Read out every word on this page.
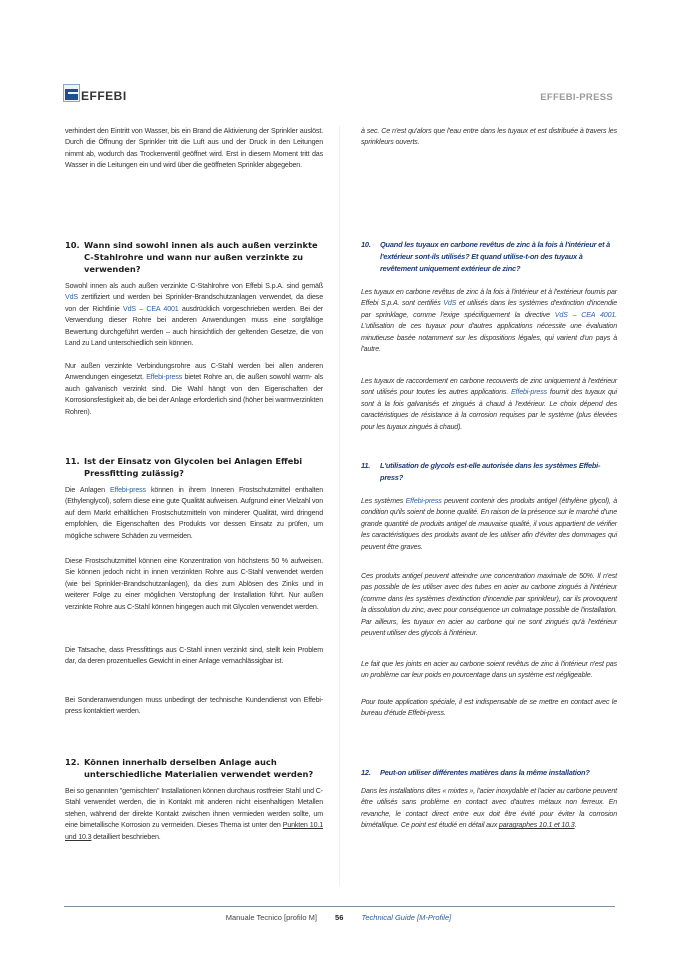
EFFEBI	EFFEBI-PRESS

verhindert den Eintritt von Wasser, bis ein Brand die Aktivierung der Sprinkler auslöst. Durch die Öffnung der Sprinkler tritt die Luft aus und der Druck in den Leitungen nimmt ab, wodurch das Trockenventil geöffnet wird. Erst in diesem Moment tritt das Wasser in die Leitungen ein und wird über die geöffneten Sprinkler abgegeben.

10. Wann sind sowohl innen als auch außen verzinkte C-Stahlrohre und wann nur außen verzinkte zu verwenden?

Sowohl innen als auch außen verzinkte C-Stahlrohre von Effebi S.p.A. sind gemäß VdS zertifiziert und werden bei Sprinkler-Brandschutzanlagen verwendet, da diese von der Richtlinie VdS – CEA 4001 ausdrücklich vorgeschrieben werden. Bei der Verwendung dieser Rohre bei anderen Anwendungen muss eine sorgfältige Bewertung durchgeführt werden – auch hinsichtlich der geltenden Gesetze, die von Land zu Land unterschiedlich sein können.

Nur außen verzinkte Verbindungsrohre aus C-Stahl werden bei allen anderen Anwendungen eingesetzt. Effebi-press bietet Rohre an, die außen sowohl warm- als auch galvanisch verzinkt sind. Die Wahl hängt von den Eigenschaften der Korrosionsfestigkeit ab, die bei der Anlage erforderlich sind (höher bei warmverzinkten Rohren).

11. Ist der Einsatz von Glycolen bei Anlagen Effebi Pressfitting zulässig?

Die Anlagen Effebi-press können in ihrem Inneren Frostschutzmittel enthalten (Ethylenglycol), sofern diese eine gute Qualität aufweisen. Aufgrund einer Vielzahl von auf dem Markt erhältlichen Frostschutzmitteln von minderer Qualität, wird dringend empfohlen, die Eigenschaften des Produkts vor dessen Einsatz zu prüfen, um mögliche schwere Schäden zu vermeiden.

Diese Frostschutzmittel können eine Konzentration von höchstens 50 % aufweisen. Sie können jedoch nicht in innen verzinkten Rohre aus C-Stahl verwendet werden (wie bei Sprinkler-Brandschutzanlagen), da dies zum Ablösen des Zinks und in weiterer Folge zu einer möglichen Verstopfung der Installation führt. Nur außen verzinkte Rohre aus C-Stahl können hingegen auch mit Glycolen verwendet werden.

Die Tatsache, dass Pressfittings aus C-Stahl innen verzinkt sind, stellt kein Problem dar, da deren prozentuelles Gewicht in einer Anlage vernachlässigbar ist.

Bei Sonderanwendungen muss unbedingt der technische Kundendienst von Effebi-press kontaktiert werden.

12. Können innerhalb derselben Anlage auch unterschiedliche Materialien verwendet werden?

Bei so genannten "gemischten" Installationen können durchaus rostfreier Stahl und C-Stahl verwendet werden, die in Kontakt mit anderen nicht eisenhaltigen Metallen stehen, während der direkte Kontakt zwischen ihnen vermieden werden sollte, um eine bimetallische Korrosion zu vermeiden. Dieses Thema ist unter den Punkten 10.1 und 10.3 detailliert beschrieben.

à sec. Ce n'est qu'alors que l'eau entre dans les tuyaux et est distribuée à travers les sprinkleurs ouverts.

10. Quand les tuyaux en carbone revêtus de zinc à la fois à l'intérieur et à l'extérieur sont-ils utilisés? Et quand utilise-t-on des tuyaux à revêtement uniquement extérieur de zinc?

Les tuyaux en carbone revêtus de zinc à la fois à l'intérieur et à l'extérieur fournis par Effebi S.p.A. sont certifiés VdS et utilisés dans les systèmes d'extinction d'incendie par sprinklage, comme l'exige spécifiquement la directive VdS – CEA 4001. L'utilisation de ces tuyaux pour d'autres applications nécessite une évaluation minutieuse basée notamment sur les dispositions légales, qui varient d'un pays à l'autre.

Les tuyaux de raccordement en carbone recouverts de zinc uniquement à l'extérieur sont utilisés pour toutes les autres applications. Effebi-press fournit des tuyaux qui sont à la fois galvanisés et zingués à chaud à l'extérieur. Le choix dépend des caractéristiques de résistance à la corrosion requises par le système (plus élevées pour les tuyaux zingués à chaud).

11. L'utilisation de glycols est-elle autorisée dans les systèmes Effebi-press?

Les systèmes Effebi-press peuvent contenir des produits antigel (éthylène glycol), à condition qu'ils soient de bonne qualité. En raison de la présence sur le marché d'une grande quantité de produits antigel de mauvaise qualité, il vous appartient de vérifier les caractéristiques des produits avant de les utiliser afin d'éviter des dommages qui peuvent être graves.

Ces produits antigel peuvent atteindre une concentration maximale de 50%. Il n'est pas possible de les utiliser avec des tubes en acier au carbone zingués à l'intérieur (comme dans les systèmes d'extinction d'incendie par sprinkleur), car ils provoquent la dissolution du zinc, avec pour conséquence un colmatage possible de l'installation. Par ailleurs, les tuyaux en acier au carbone qui ne sont zingués qu'à l'extérieur peuvent utiliser des glycols à l'intérieur.

Le fait que les joints en acier au carbone soient revêtus de zinc à l'intérieur n'est pas un problème car leur poids en pourcentage dans un système est négligeable.

Pour toute application spéciale, il est indispensable de se mettre en contact avec le bureau d'étude Effebi-press.

12. Peut-on utiliser différentes matières dans la même installation?

Dans les installations dites « mixtes », l'acier inoxydable et l'acier au carbone peuvent être utilisés sans problème en contact avec d'autres métaux non ferreux. En revanche, le contact direct entre eux doit être évité pour éviter la corrosion bimétallique. Ce point est étudié en détail aux paragraphes 10.1 et 10.3.

Manuale Tecnico [profilo M] 56 Technical Guide [M-Profile]
